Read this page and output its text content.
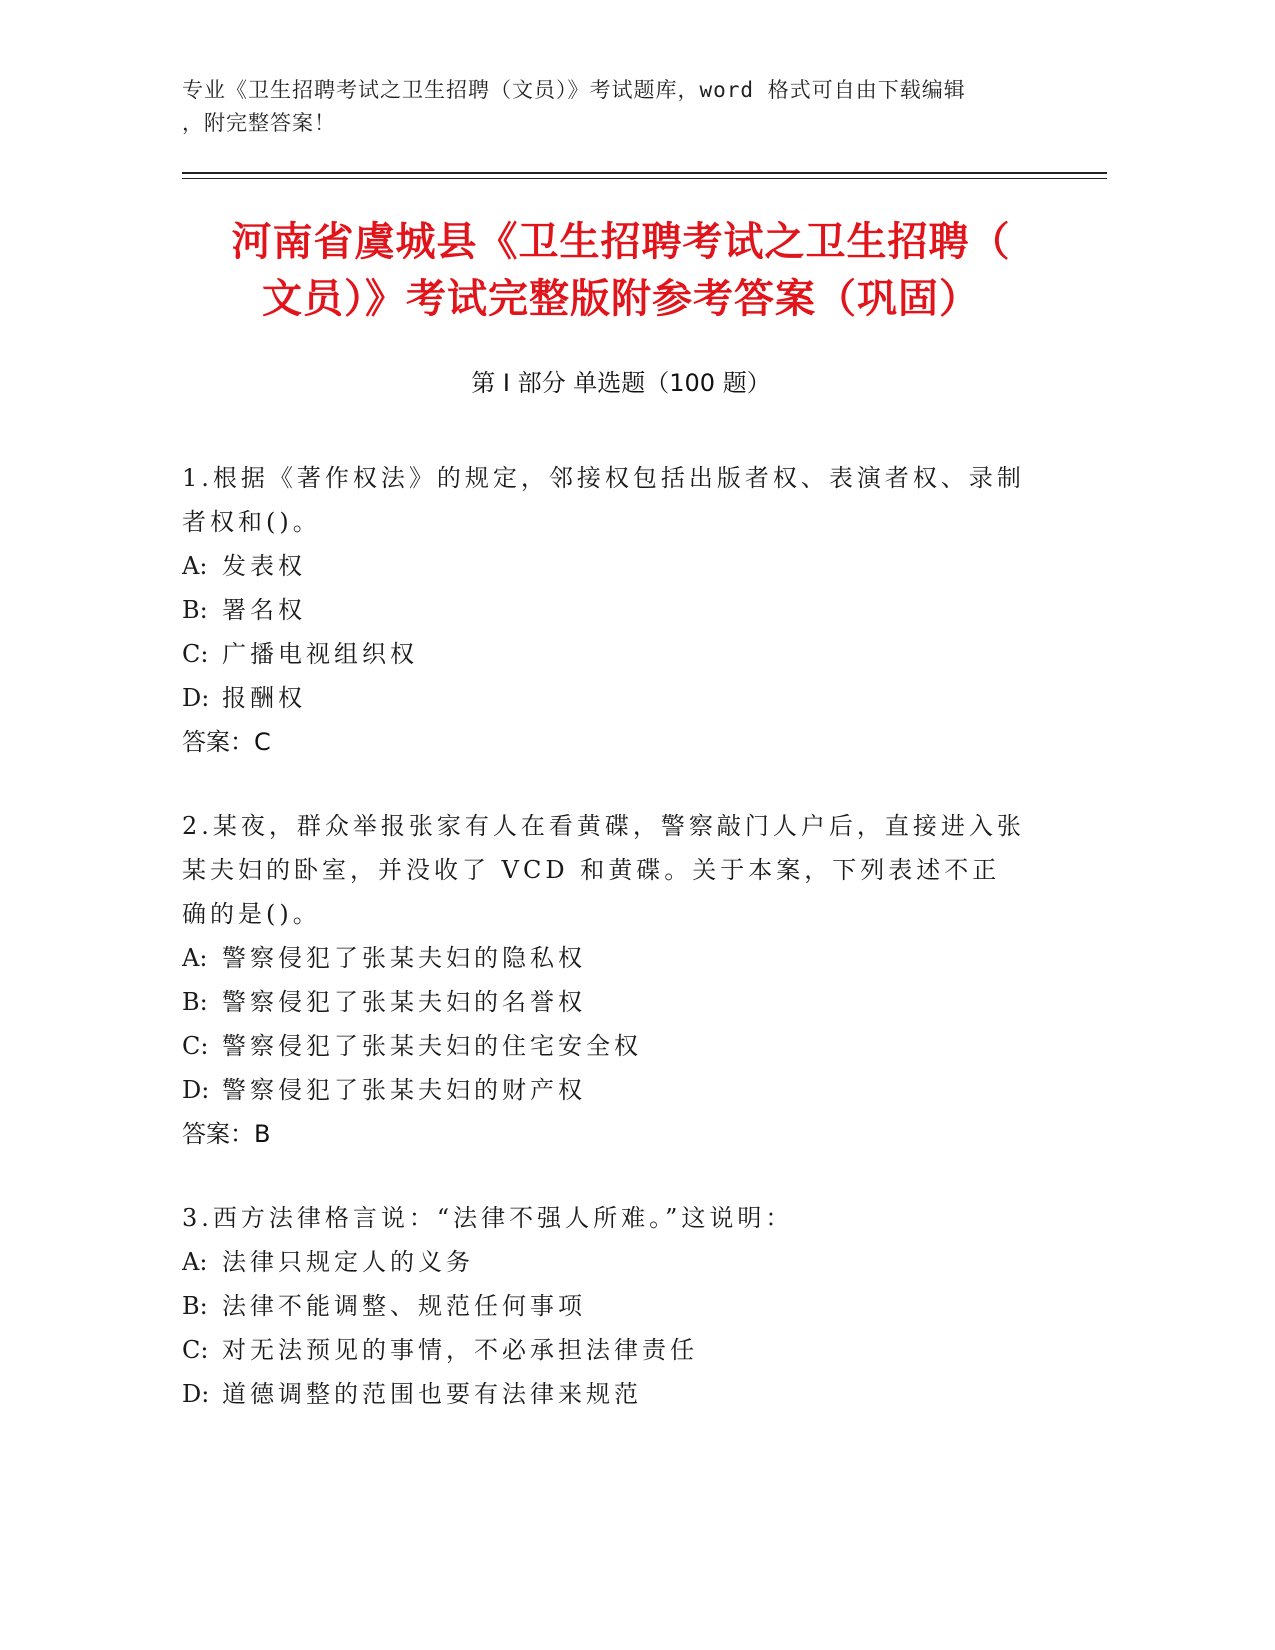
专业《卫生招聘考试之卫生招聘（文员）》考试题库，word 格式可自由下载编辑
，附完整答案！
河南省虞城县《卫生招聘考试之卫生招聘（
文员）》考试完整版附参考答案（巩固）
第 I 部分 单选题（100 题）

1.根据《著作权法》的规定，邻接权包括出版者权、表演者权、录制者权和()。

A: 发表权
B: 署名权
C: 广播电视组织权
D: 报酬权

答案：C

2.某夜，群众举报张家有人在看黄碟，警察敲门人户后，直接进入张某夫妇的卧室，并没收了 VCD 和黄碟。关于本案，下列表述不正确的是()。

A: 警察侵犯了张某夫妇的隐私权
B: 警察侵犯了张某夫妇的名誉权
C: 警察侵犯了张某夫妇的住宅安全权
D: 警察侵犯了张某夫妇的财产权

答案：B

3.西方法律格言说：“法律不强人所难。”这说明：

A: 法律只规定人的义务
B: 法律不能调整、规范任何事项
C: 对无法预见的事情，不必承担法律责任
D: 道德调整的范围也要有法律来规范
